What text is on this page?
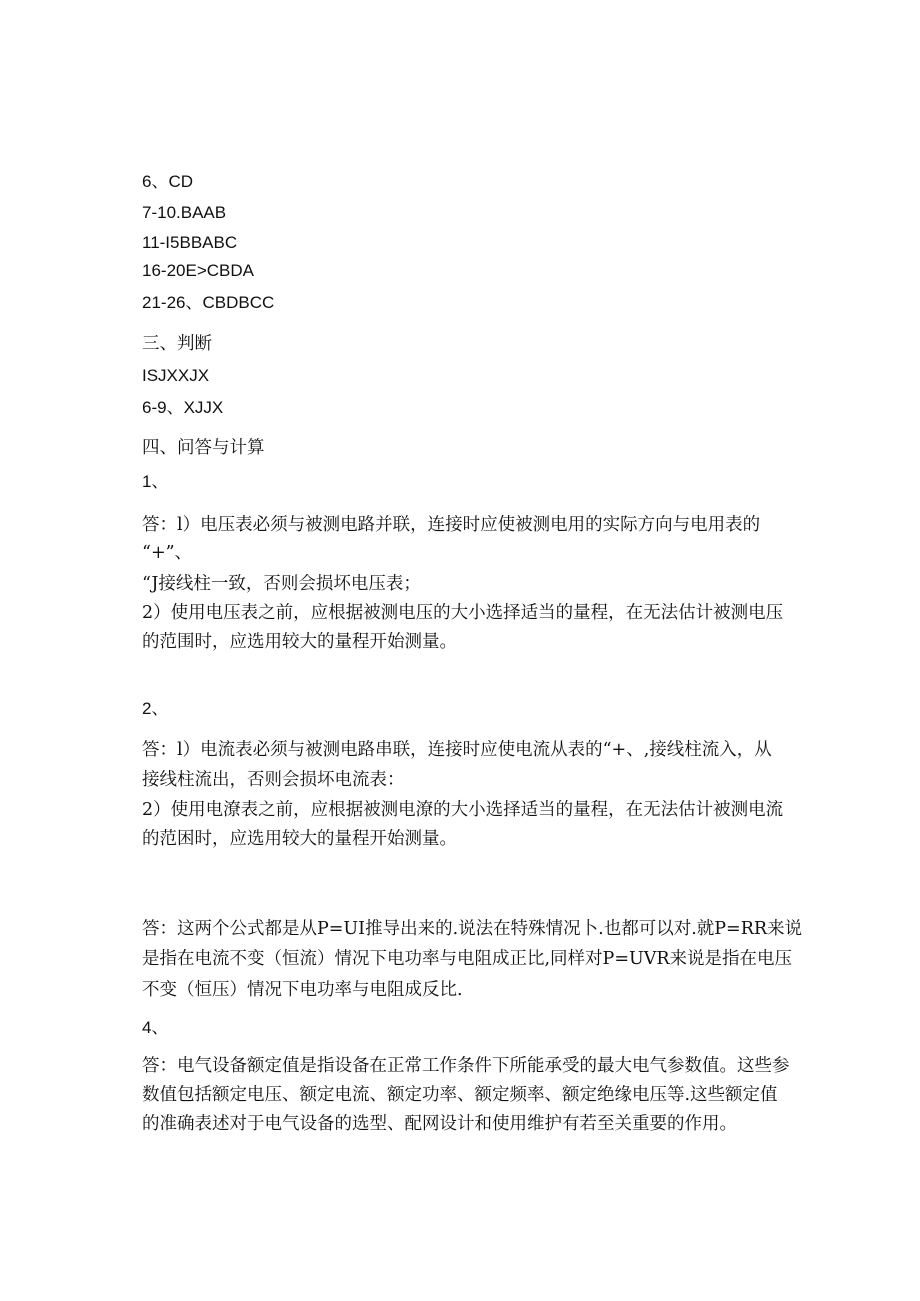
6、CD
7-10.BAAB
11-I5BBABC
16-20E>CBDA
21-26、CBDBCC
三、判断
ISJXXJX
6-9、XJJX
四、问答与计算
1、
答：l）电压表必须与被测电路并联，连接时应使被测电用的实际方向与电用表的
“+”、
“J接线柱一致，否则会损坏电压表；
2）使用电压表之前，应根据被测电压的大小选择适当的量程，在无法估计被测电压
的范围时，应选用较大的量程开始测量。
2、
答：l）电流表必须与被测电路串联，连接时应使电流从表的“+、,接线柱流入，从
接线柱流出，否则会损坏电流表：
2）使用电潦表之前，应根据被测电潦的大小选择适当的量程，在无法估计被测电流
的范困时，应选用较大的量程开始测量。
答：这两个公式都是从P=UI推导出来的.说法在特殊情况卜.也都可以对.就P=RR来说
是指在电流不变（恒流）情况下电功率与电阻成正比,同样对P=UVR来说是指在电压
不变（恒压）情况下电功率与电阻成反比.
4、
答：电气设备额定值是指设备在正常工作条件下所能承受的最大电气参数值。这些参
数值包括额定电压、额定电流、额定功率、额定频率、额定绝缘电压等.这些额定值
的准确表述对于电气设备的选型、配网设计和使用维护有若至关重要的作用。
